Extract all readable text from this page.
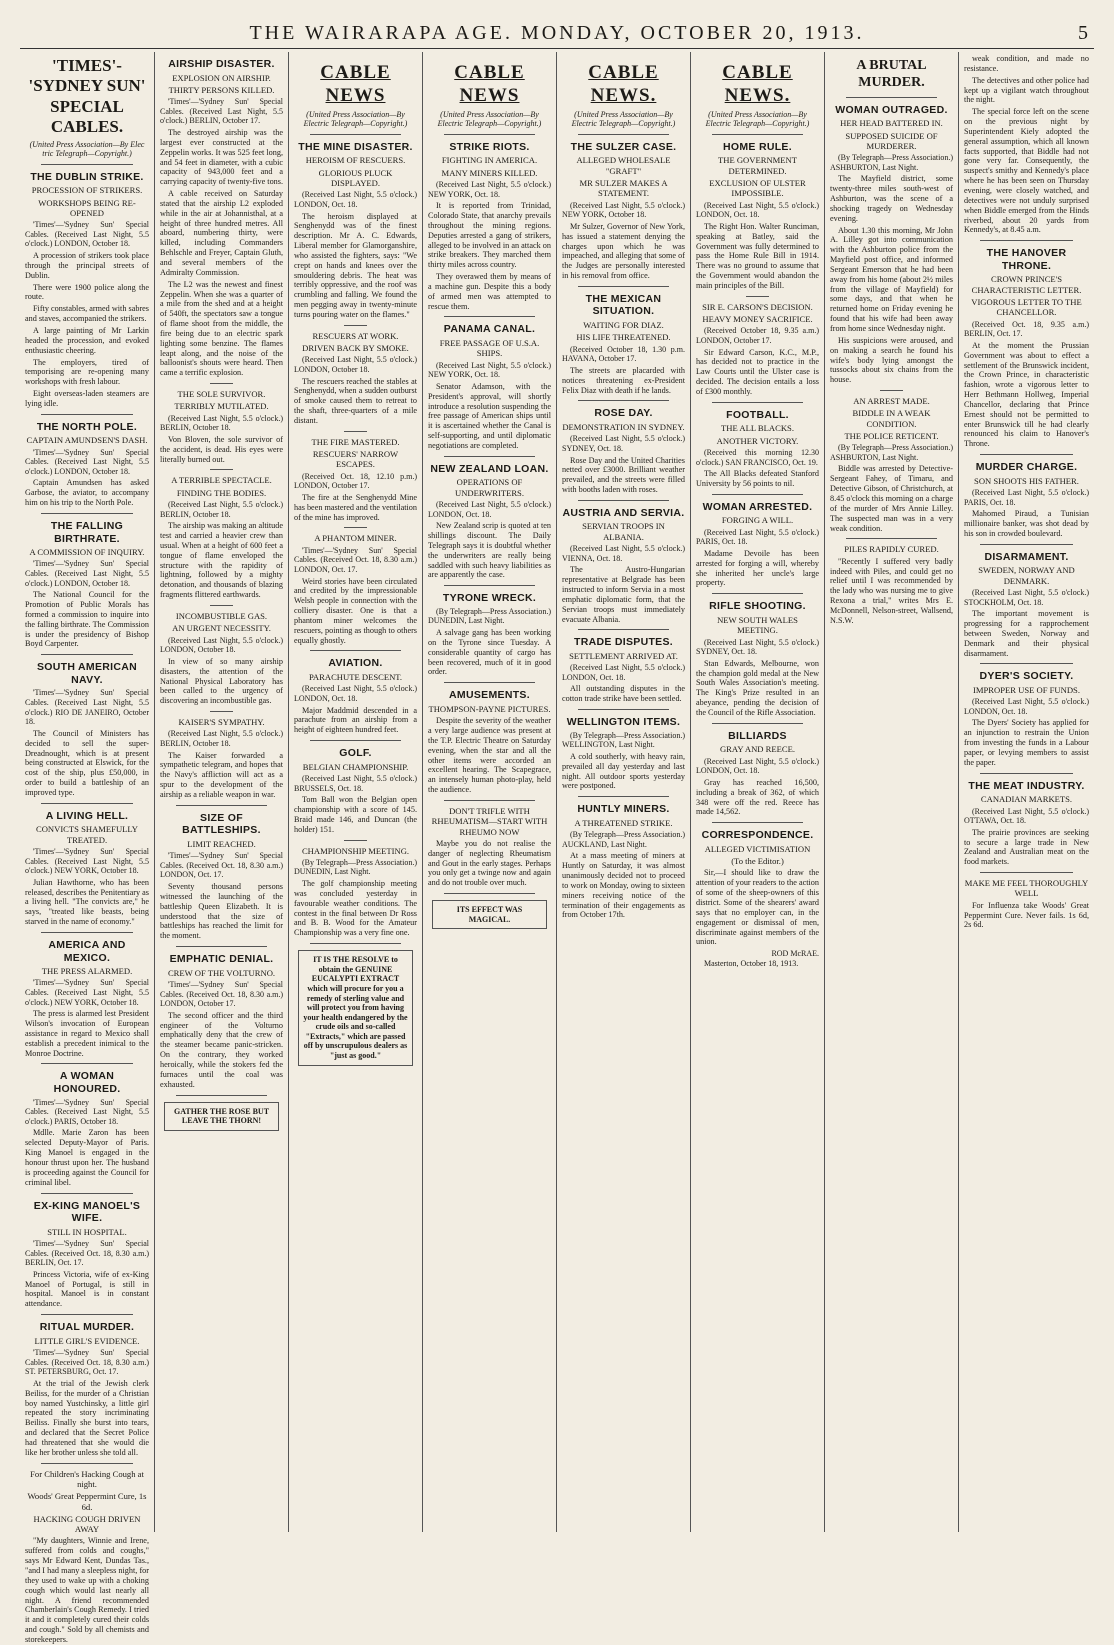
THE WAIRARAPA AGE. MONDAY, OCTOBER 20, 1913.	5
'TIMES'-'SYDNEY SUN' SPECIAL CABLES.
(United Press Association—By Elec tric Telegraph—Copyright.)
THE DUBLIN STRIKE.
PROCESSION OF STRIKERS.
WORKSHOPS BEING RE-OPENED
'Times'—'Sydney Sun' Special Cables. (Received Last Night, 5.5 o'clock.) LONDON, October 18.

A procession of strikers took place through the principal streets of Dublin.

There were 1900 police along the route.

Fifty constables, armed with sabres and staves, accompanied the strikers.

A large painting of Mr Larkin headed the procession, and evoked enthusiastic cheering.

The employers, tired of temporising are re-opening many workshops with fresh labour.

Eight overseas-laden steamers are lying idle.

THE NORTH POLE.
CAPTAIN AMUNDSEN'S DASH.
'Times'—'Sydney Sun' Special Cables. (Received Last Night, 5.5 o'clock.) LONDON, October 18.

Captain Amundsen has asked Garbose, the aviator, to accompany him on his trip to the North Pole.

THE FALLING BIRTHRATE.
A COMMISSION OF INQUIRY.
'Times'—'Sydney Sun' Special Cables. (Received Last Night, 5.5 o'clock.) LONDON, October 18.

The National Council for the Promotion of Public Morals has formed a commission to inquire into the falling birthrate. The Commission is under the presidency of Bishop Boyd Carpenter.

SOUTH AMERICAN NAVY.
'Times'—'Sydney Sun' Special Cables. (Received Last Night, 5.5 o'clock.) RIO DE JANEIRO, October 18.

The Council of Ministers has decided to sell the super-Dreadnought, which is at present being constructed at Elswick, for the cost of the ship, plus £50,000, in order to build a battleship of an improved type.

A LIVING HELL.
CONVICTS SHAMEFULLY TREATED.
'Times'—'Sydney Sun' Special Cables. (Received Last Night, 5.5 o'clock.) NEW YORK, October 18.

Julian Hawthorne, who has been released, describes the Penitentiary as a living hell. "The convicts are," he says, "treated like beasts, being starved in the name of economy."

AMERICA AND MEXICO.
THE PRESS ALARMED.
'Times'—'Sydney Sun' Special Cables. (Received Last Night, 5.5 o'clock.) NEW YORK, October 18.

The press is alarmed lest President Wilson's invocation of European assistance in regard to Mexico shall establish a precedent inimical to the Monroe Doctrine.

A WOMAN HONOURED.
'Times'—'Sydney Sun' Special Cables. (Received Last Night, 5.5 o'clock.) PARIS, October 18.

Mdlle. Marie Zaron has been selected Deputy-Mayor of Paris. King Manoel is engaged in the honour thrust upon her. The husband is proceeding against the Council for criminal libel.

EX-KING MANOEL'S WIFE.
STILL IN HOSPITAL.
'Times'—'Sydney Sun' Special Cables. (Received Oct. 18, 8.30 a.m.) BERLIN, Oct. 17.

Princess Victoria, wife of ex-King Manoel of Portugal, is still in hospital. Manoel is in constant attendance.

RITUAL MURDER.
LITTLE GIRL'S EVIDENCE.
'Times'—'Sydney Sun' Special Cables. (Received Oct. 18, 8.30 a.m.) ST. PETERSBURG, Oct. 17.

At the trial of the Jewish clerk Beiliss, for the murder of a Christian boy named Yustchinsky, a little girl repeated the story incriminating Beiliss. Finally she burst into tears, and declared that the Secret Police had threatened that she would die like her brother unless she told all.

For Children's Hacking Cough at night.
Woods' Great Peppermint Cure, 1s 6d.
HACKING COUGH DRIVEN AWAY

"My daughters, Winnie and Irene, suffered from colds and coughs," says Mr Edward Kent, Dundas Tas., "and I had many a sleepless night, for they used to wake up with a choking cough which would last nearly all night. A friend recommended Chamberlain's Cough Remedy. I tried it and it completely cured their colds and cough." Sold by all chemists and storekeepers.

AIRSHIP DISASTER.
EXPLOSION ON AIRSHIP.
THIRTY PERSONS KILLED.
'Times'—'Sydney Sun' Special Cables. (Received Last Night, 5.5 o'clock.) BERLIN, October 17.

The destroyed airship was the largest ever constructed at the Zeppelin works. It was 525 feet long, and 54 feet in diameter, with a cubic capacity of 943,000 feet and a carrying capacity of twenty-five tons.

A cable received on Saturday stated that the airship L2 exploded while in the air at Johannisthal, at a height of three hundred metres. All aboard, numbering thirty, were killed, including Commanders Behlschle and Freyer, Captain Gluth, and several members of the Admiralty Commission.

The L2 was the newest and finest Zeppelin. When she was a quarter of a mile from the shed and at a height of 540ft, the spectators saw a tongue of flame shoot from the middle, the fire being due to an electric spark lighting some benzine. The flames leapt along, and the noise of the balloonist's shouts were heard. Then came a terrific explosion.

THE SOLE SURVIVOR.
TERRIBLY MUTILATED.
(Received Last Night, 5.5 o'clock.) BERLIN, October 18.

Von Bloven, the sole survivor of the accident, is dead. His eyes were literally burned out.

A TERRIBLE SPECTACLE.
FINDING THE BODIES.
(Received Last Night, 5.5 o'clock.) BERLIN, October 18.

The airship was making an altitude test and carried a heavier crew than usual. When at a height of 600 feet a tongue of flame enveloped the structure with the rapidity of lightning, followed by a mighty detonation, and thousands of blazing fragments flittered earthwards.

INCOMBUSTIBLE GAS.
AN URGENT NECESSITY.
(Received Last Night, 5.5 o'clock.) LONDON, October 18.

In view of so many airship disasters, the attention of the National Physical Laboratory has been called to the urgency of discovering an incombustible gas.

KAISER'S SYMPATHY.
(Received Last Night, 5.5 o'clock.) BERLIN, October 18.

The Kaiser forwarded a sympathetic telegram, and hopes that the Navy's affliction will act as a spur to the development of the airship as a reliable weapon in war.

SIZE OF BATTLESHIPS.
LIMIT REACHED.
'Times'—'Sydney Sun' Special Cables. (Received Oct. 18, 8.30 a.m.) LONDON, Oct. 17.

Seventy thousand persons witnessed the launching of the battleship Queen Elizabeth. It is understood that the size of battleships has reached the limit for the moment.

EMPHATIC DENIAL.
CREW OF THE VOLTURNO.
'Times'—'Sydney Sun' Special Cables. (Received Oct. 18, 8.30 a.m.) LONDON, October 17.

The second officer and the third engineer of the Volturno emphatically deny that the crew of the steamer became panic-stricken. On the contrary, they worked heroically, while the stokers fed the furnaces until the coal was exhausted.

GATHER THE ROSE BUT LEAVE THE THORN!
CABLE NEWS
(United Press Association—By Electric Telegraph—Copyright.)
THE MINE DISASTER.
HEROISM OF RESCUERS.
GLORIOUS PLUCK DISPLAYED.
(Received Last Night, 5.5 o'clock.) LONDON, Oct. 18.

The heroism displayed at Senghenydd was of the finest description. Mr A. C. Edwards, Liberal member for Glamorganshire, who assisted the fighters, says: "We crept on hands and knees over the smouldering debris. The heat was terribly oppressive, and the roof was crumbling and falling. We found the men pegging away in twenty-minute turns pouring water on the flames."

RESCUERS AT WORK.
DRIVEN BACK BY SMOKE.
(Received Last Night, 5.5 o'clock.) LONDON, October 18.

The rescuers reached the stables at Senghenydd, when a sudden outburst of smoke caused them to retreat to the shaft, three-quarters of a mile distant.

THE FIRE MASTERED.
RESCUERS' NARROW ESCAPES.
(Received Oct. 18, 12.10 p.m.) LONDON, October 17.

The fire at the Senghenydd Mine has been mastered and the ventilation of the mine has improved.

A PHANTOM MINER.
'Times'—'Sydney Sun' Special Cables. (Received Oct. 18, 8.30 a.m.) LONDON, Oct. 17.

Weird stories have been circulated and credited by the impressionable Welsh people in connection with the colliery disaster. One is that a phantom miner welcomes the rescuers, pointing as though to others equally ghostly.

AVIATION.
PARACHUTE DESCENT.
(Received Last Night, 5.5 o'clock.) LONDON, Oct. 18.

Major Maddmid descended in a parachute from an airship from a height of eighteen hundred feet.

GOLF.
BELGIAN CHAMPIONSHIP.
(Received Last Night, 5.5 o'clock.) BRUSSELS, Oct. 18.

Tom Ball won the Belgian open championship with a score of 145. Braid made 146, and Duncan (the holder) 151.

CHAMPIONSHIP MEETING.
(By Telegraph—Press Association.) DUNEDIN, Last Night.

The golf championship meeting was concluded yesterday in favourable weather conditions. The contest in the final between Dr Ross and B. B. Wood for the Amateur Championship was a very fine one.

IT IS THE RESOLVE to obtain the GENUINE EUCALYPTI EXTRACT which will procure for you a remedy of sterling value and will protect you from having your health endangered by the crude oils and so-called "Extracts," which are passed off by unscrupulous dealers as "just as good."
CABLE NEWS
(United Press Association—By Electric Telegraph—Copyright.)
STRIKE RIOTS.
FIGHTING IN AMERICA.
MANY MINERS KILLED.
(Received Last Night, 5.5 o'clock.) NEW YORK, Oct. 18.

It is reported from Trinidad, Colorado State, that anarchy prevails throughout the mining regions. Deputies arrested a gang of strikers, alleged to be involved in an attack on strike breakers. They marched them thirty miles across country.

They overawed them by means of a machine gun. Despite this a body of armed men was attempted to rescue them.

PANAMA CANAL.
FREE PASSAGE OF U.S.A. SHIPS.
(Received Last Night, 5.5 o'clock.) NEW YORK, Oct. 18.

Senator Adamson, with the President's approval, will shortly introduce a resolution suspending the free passage of American ships until it is ascertained whether the Canal is self-supporting, and until diplomatic negotiations are completed.

NEW ZEALAND LOAN.
OPERATIONS OF UNDERWRITERS.
(Received Last Night, 5.5 o'clock.) LONDON, Oct. 18.

New Zealand scrip is quoted at ten shillings discount. The Daily Telegraph says it is doubtful whether the underwriters are really being saddled with such heavy liabilities as are apparently the case.

TYRONE WRECK.
(By Telegraph—Press Association.) DUNEDIN, Last Night.

A salvage gang has been working on the Tyrone since Tuesday. A considerable quantity of cargo has been recovered, much of it in good order.

AMUSEMENTS.
THOMPSON-PAYNE PICTURES.

Despite the severity of the weather a very large audience was present at the T.P. Electric Theatre on Saturday evening, when the star and all the other items were accorded an excellent hearing. The Scapegrace, an intensely human photo-play, held the audience.

DON'T TRIFLE WITH RHEUMATISM—START WITH RHEUMO NOW

Maybe you do not realise the danger of neglecting Rheumatism and Gout in the early stages. Perhaps you only get a twinge now and again and do not trouble over much.

ITS EFFECT WAS MAGICAL.
CABLE NEWS.
(United Press Association—By Electric Telegraph—Copyright.)
THE SULZER CASE.
ALLEGED WHOLESALE "GRAFT"
MR SULZER MAKES A STATEMENT.
(Received Last Night, 5.5 o'clock.) NEW YORK, October 18.

Mr Sulzer, Governor of New York, has issued a statement denying the charges upon which he was impeached, and alleging that some of the Judges are personally interested in his removal from office.

THE MEXICAN SITUATION.
WAITING FOR DIAZ.
HIS LIFE THREATENED.
(Received October 18, 1.30 p.m. HAVANA, October 17.

The streets are placarded with notices threatening ex-President Felix Diaz with death if he lands.

ROSE DAY.
DEMONSTRATION IN SYDNEY.
(Received Last Night, 5.5 o'clock.) SYDNEY, Oct. 18.

Rose Day and the United Charities netted over £3000. Brilliant weather prevailed, and the streets were filled with booths laden with roses.

AUSTRIA AND SERVIA.
SERVIAN TROOPS IN ALBANIA.
(Received Last Night, 5.5 o'clock.) VIENNA, Oct. 18.

The Austro-Hungarian representative at Belgrade has been instructed to inform Servia in a most emphatic diplomatic form, that the Servian troops must immediately evacuate Albania.

TRADE DISPUTES.
SETTLEMENT ARRIVED AT.
(Received Last Night, 5.5 o'clock.) LONDON, Oct. 18.

All outstanding disputes in the cotton trade strike have been settled.

WELLINGTON ITEMS.
(By Telegraph—Press Association.) WELLINGTON, Last Night.

A cold southerly, with heavy rain, prevailed all day yesterday and last night. All outdoor sports yesterday were postponed.

HUNTLY MINERS.
A THREATENED STRIKE.
(By Telegraph—Press Association.) AUCKLAND, Last Night.

At a mass meeting of miners at Huntly on Saturday, it was almost unanimously decided not to proceed to work on Monday, owing to sixteen miners receiving notice of the termination of their engagements as from October 17th.

CABLE NEWS.
(United Press Association—By Electric Telegraph—Copyright.)
HOME RULE.
THE GOVERNMENT DETERMINED.
EXCLUSION OF ULSTER IMPOSSIBLE.
(Received Last Night, 5.5 o'clock.) LONDON, Oct. 18.

The Right Hon. Walter Runciman, speaking at Batley, said the Government was fully determined to pass the Home Rule Bill in 1914. There was no ground to assume that the Government would abandon the main principles of the Bill.

SIR E. CARSON'S DECISION.
HEAVY MONEY SACRIFICE.
(Received October 18, 9.35 a.m.) LONDON, October 17.

Sir Edward Carson, K.C., M.P., has decided not to practice in the Law Courts until the Ulster case is decided. The decision entails a loss of £300 monthly.

FOOTBALL.
THE ALL BLACKS.
ANOTHER VICTORY.
(Received this morning 12.30 o'clock.) SAN FRANCISCO, Oct. 19.

The All Blacks defeated Stanford University by 56 points to nil.

WOMAN ARRESTED.
FORGING A WILL.
(Received Last Night, 5.5 o'clock.) PARIS, Oct. 18.

Madame Devoile has been arrested for forging a will, whereby she inherited her uncle's large property.

RIFLE SHOOTING.
NEW SOUTH WALES MEETING.
(Received Last Night, 5.5 o'clock.) SYDNEY, Oct. 18.

Stan Edwards, Melbourne, won the champion gold medal at the New South Wales Association's meeting. The King's Prize resulted in an abeyance, pending the decision of the Council of the Rifle Association.

BILLIARDS
GRAY AND REECE.
(Received Last Night, 5.5 o'clock.) LONDON, Oct. 18.

Gray has reached 16,500, including a break of 362, of which 348 were off the red. Reece has made 14,562.

CORRESPONDENCE.
ALLEGED VICTIMISATION
(To the Editor.)

Sir,—I should like to draw the attention of your readers to the action of some of the sheep-owners of this district. Some of the shearers' award says that no employer can, in the engagement or dismissal of men, discriminate against members of the union.

ROD McRAE.
Masterton, October 18, 1913.
A BRUTAL MURDER.
WOMAN OUTRAGED.
HER HEAD BATTERED IN.
SUPPOSED SUICIDE OF MURDERER.
(By Telegraph—Press Association.) ASHBURTON, Last Night.

The Mayfield district, some twenty-three miles south-west of Ashburton, was the scene of a shocking tragedy on Wednesday evening.

About 1.30 this morning, Mr John A. Lilley got into communication with the Ashburton police from the Mayfield post office, and informed Sergeant Emerson that he had been away from his home (about 2½ miles from the village of Mayfield) for some days, and that when he returned home on Friday evening he found that his wife had been away from home since Wednesday night.

His suspicions were aroused, and on making a search he found his wife's body lying amongst the tussocks about six chains from the house.

AN ARREST MADE.
BIDDLE IN A WEAK CONDITION.
THE POLICE RETICENT.
(By Telegraph—Press Association.) ASHBURTON, Last Night.

Biddle was arrested by Detective-Sergeant Fahey, of Timaru, and Detective Gibson, of Christchurch, at 8.45 o'clock this morning on a charge of the murder of Mrs Annie Lilley. The suspected man was in a very weak condition.

PILES RAPIDLY CURED.

"Recently I suffered very badly indeed with Piles, and could get no relief until I was recommended by the lady who was nursing me to give Rexona a trial," writes Mrs E. McDonnell, Nelson-street, Wallsend, N.S.W.

weak condition, and made no resistance.

The detectives and other police had kept up a vigilant watch throughout the night.

The special force left on the scene on the previous night by Superintendent Kiely adopted the general assumption, which all known facts supported, that Biddle had not gone very far. Consequently, the suspect's smithy and Kennedy's place where he has been seen on Thursday evening, were closely watched, and detectives were not unduly surprised when Biddle emerged from the Hinds riverbed, about 20 yards from Kennedy's, at 8.45 a.m.

THE HANOVER THRONE.
CROWN PRINCE'S CHARACTERISTIC LETTER.
VIGOROUS LETTER TO THE CHANCELLOR.
(Received Oct. 18, 9.35 a.m.) BERLIN, Oct. 17.

At the moment the Prussian Government was about to effect a settlement of the Brunswick incident, the Crown Prince, in characteristic fashion, wrote a vigorous letter to Herr Bethmann Hollweg, Imperial Chancellor, declaring that Prince Ernest should not be permitted to enter Brunswick till he had clearly renounced his claim to Hanover's Throne.

MURDER CHARGE.
SON SHOOTS HIS FATHER.
(Received Last Night, 5.5 o'clock.) PARIS, Oct. 18.

Mahomed Piraud, a Tunisian millionaire banker, was shot dead by his son in crowded boulevard.

DISARMAMENT.
SWEDEN, NORWAY AND DENMARK.
(Received Last Night, 5.5 o'clock.) STOCKHOLM, Oct. 18.

The important movement is progressing for a rapprochement between Sweden, Norway and Denmark and their physical disarmament.

DYER'S SOCIETY.
IMPROPER USE OF FUNDS.
(Received Last Night, 5.5 o'clock.) LONDON, Oct. 18.

The Dyers' Society has applied for an injunction to restrain the Union from investing the funds in a Labour paper, or levying members to assist the paper.

THE MEAT INDUSTRY.
CANADIAN MARKETS.
(Received Last Night, 5.5 o'clock.) OTTAWA, Oct. 18.

The prairie provinces are seeking to secure a large trade in New Zealand and Australian meat on the food markets.

MAKE ME FEEL THOROUGHLY WELL

For Influenza take Woods' Great Peppermint Cure. Never fails. 1s 6d, 2s 6d.
